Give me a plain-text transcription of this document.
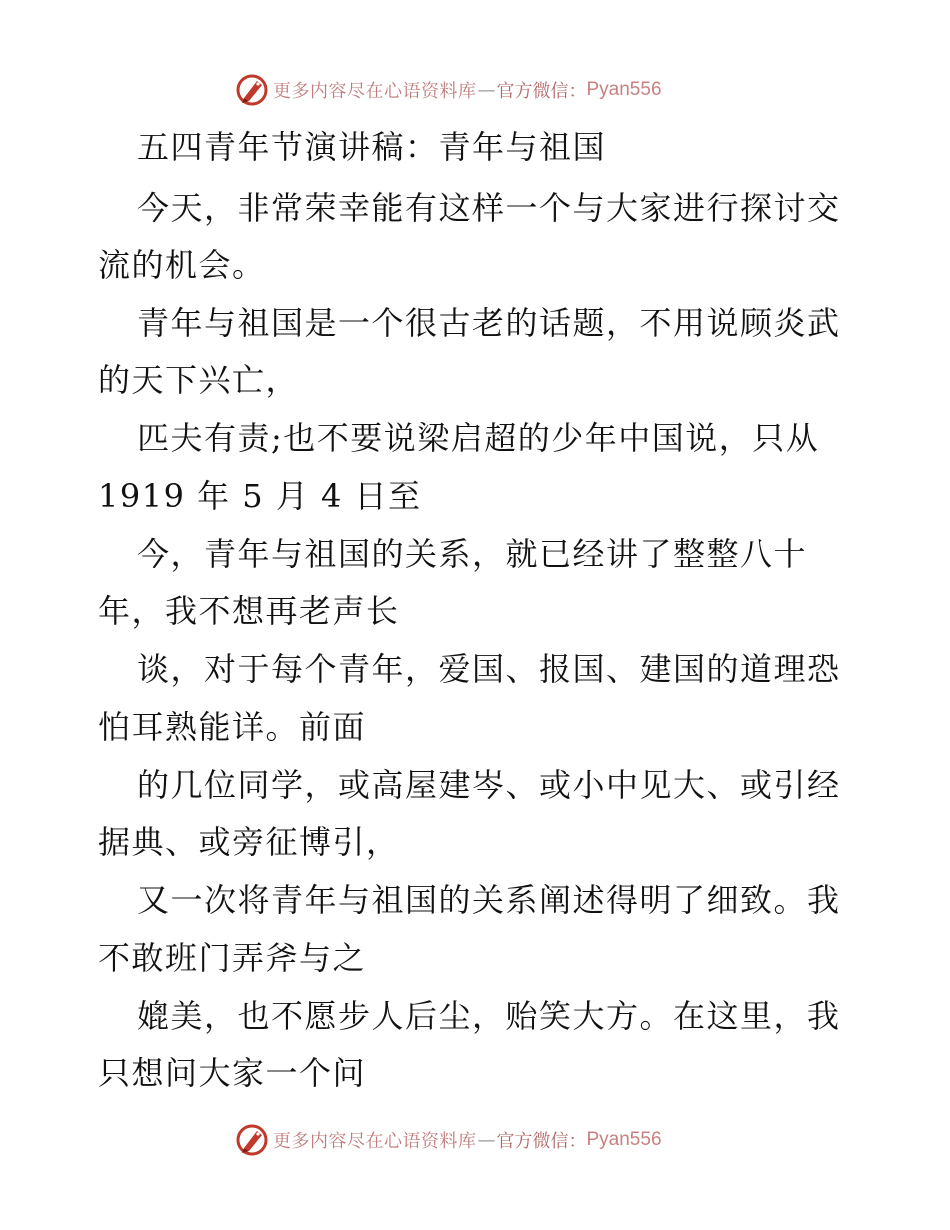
更多内容尽在心语资料库 — 官方微信： Pyan556
五四青年节演讲稿：青年与祖国
今天，非常荣幸能有这样一个与大家进行探讨交
流的机会。
青年与祖国是一个很古老的话题，不用说顾炎武
的天下兴亡，
匹夫有责;也不要说梁启超的少年中国说，只从
1919 年 5 月 4 日至
今，青年与祖国的关系，就已经讲了整整八十
年，我不想再老声长
谈，对于每个青年，爱国、报国、建国的道理恐
怕耳熟能详。前面
的几位同学，或高屋建岑、或小中见大、或引经
据典、或旁征博引，
又一次将青年与祖国的关系阐述得明了细致。我
不敢班门弄斧与之
媲美，也不愿步人后尘，贻笑大方。在这里，我
只想问大家一个问
更多内容尽在心语资料库 — 官方微信： Pyan556
